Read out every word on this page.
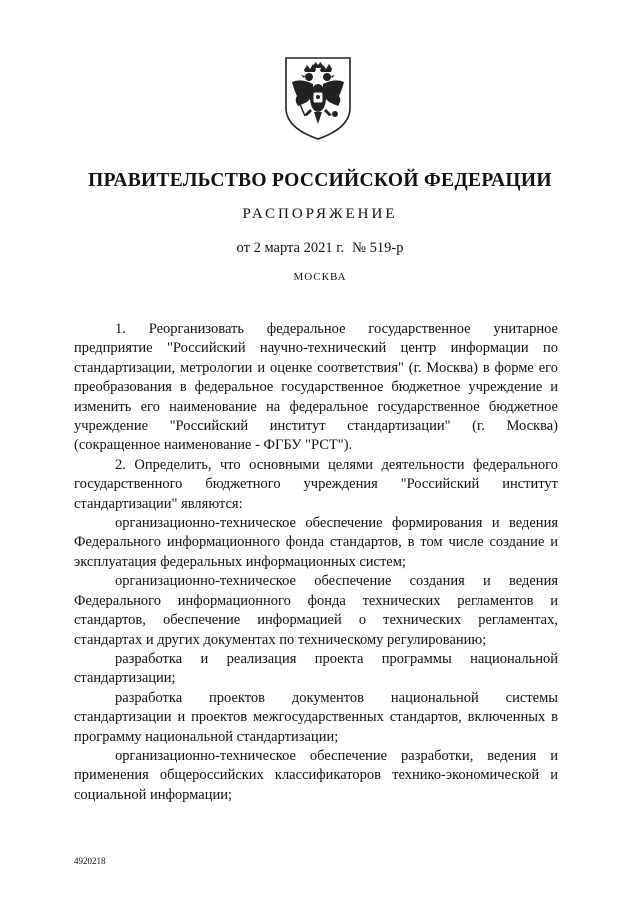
ПРАВИТЕЛЬСТВО РОССИЙСКОЙ ФЕДЕРАЦИИ
РАСПОРЯЖЕНИЕ
от 2 марта 2021 г. № 519-р
МОСКВА

1. Реорганизовать федеральное государственное унитарное предприятие "Российский научно-технический центр информации по стандартизации, метрологии и оценке соответствия" (г. Москва) в форме его преобразования в федеральное государственное бюджетное учреждение и изменить его наименование на федеральное государственное бюджетное учреждение "Российский институт стандартизации" (г. Москва) (сокращенное наименование - ФГБУ "РСТ").

2. Определить, что основными целями деятельности федерального государственного бюджетного учреждения "Российский институт стандартизации" являются:

организационно-техническое обеспечение формирования и ведения Федерального информационного фонда стандартов, в том числе создание и эксплуатация федеральных информационных систем;

организационно-техническое обеспечение создания и ведения Федерального информационного фонда технических регламентов и стандартов, обеспечение информацией о технических регламентах, стандартах и других документах по техническому регулированию;

разработка и реализация проекта программы национальной стандартизации;

разработка проектов документов национальной системы стандартизации и проектов межгосударственных стандартов, включенных в программу национальной стандартизации;

организационно-техническое обеспечение разработки, ведения и применения общероссийских классификаторов технико-экономической и социальной информации;

4920218
